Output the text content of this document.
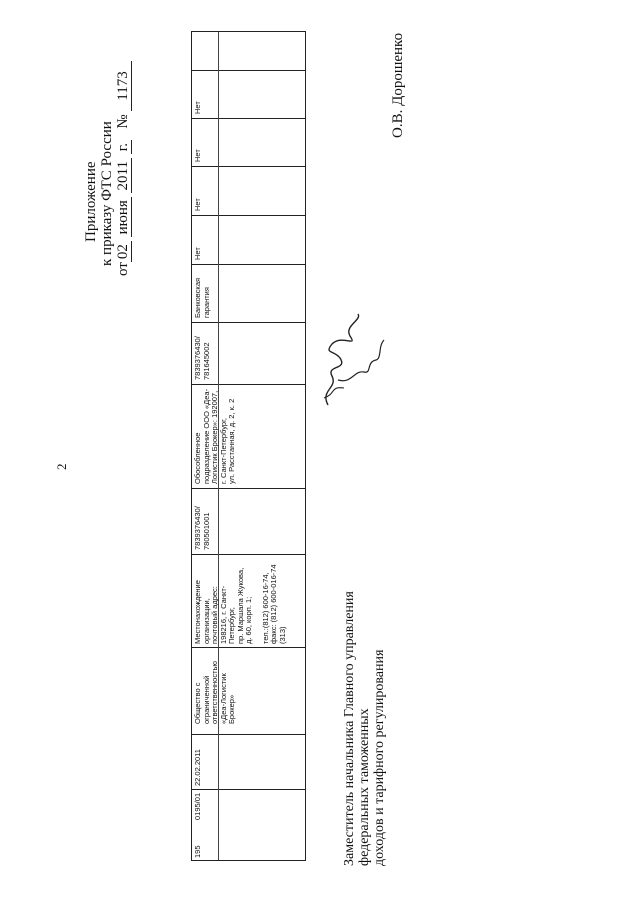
2
Приложение к приказу ФТС России
от02 июня 2011 г.   № 1173
195
0195/01
22.02.2011
Общество с ограниченной ответственностью «Деа-Логистик Брокер»
Местонахождение организации, почтовый адрес: 198216, г. Санкт- Петербург, пр. Маршала Жукова, д. 60, корп. 1; тел.:(812) 600-16-74, факс: (812) 600-016-74 (313)
7839376430/ 780501001
Обособленное подразделение ООО «Деа- Логистик Брокер»: 192007, г. Санкт-Петербург, ул. Расстанная, д. 2, к. 2
7839376430/ 781645002
Банковская гарантия
Нет
Нет
Нет
Нет
Заместитель начальника Главного управления федеральных таможенных доходов и тарифного регулирования
О.В. Дорошенко
